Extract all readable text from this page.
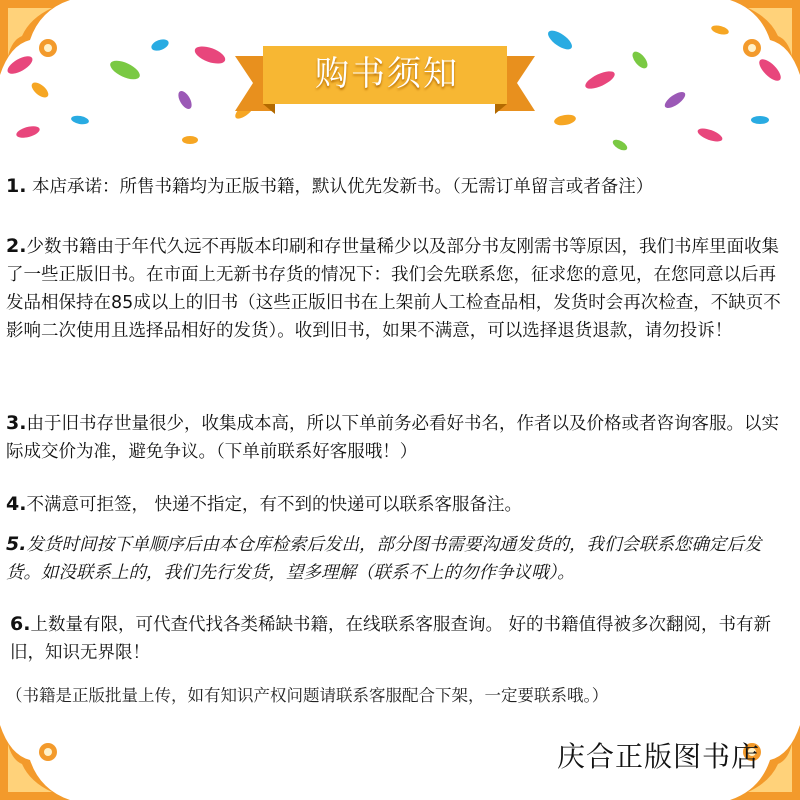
购书须知
1. 本店承诺：所售书籍均为正版书籍，默认优先发新书。（无需订单留言或者备注）
2.少数书籍由于年代久远不再版本印刷和存世量稀少以及部分书友刚需书等原因，我们书库里面收集了一些正版旧书。在市面上无新书存货的情况下：我们会先联系您，征求您的意见，在您同意以后再发品相保持在85成以上的旧书（这些正版旧书在上架前人工检查品相，发货时会再次检查，不缺页不影响二次使用且选择品相好的发货）。收到旧书，如果不满意，可以选择退货退款，请勿投诉！
3.由于旧书存世量很少，收集成本高，所以下单前务必看好书名，作者以及价格或者咨询客服。以实际成交价为准，避免争议。（下单前联系好客服哦！）
4.不满意可拒签， 快递不指定，有不到的快递可以联系客服备注。
5.发货时间按下单顺序后由本仓库检索后发出，部分图书需要沟通发货的，我们会联系您确定后发货。如没联系上的，我们先行发货，望多理解（联系不上的勿作争议哦）。
6.上数量有限，可代查代找各类稀缺书籍，在线联系客服查询。 好的书籍值得被多次翻阅，书有新旧，知识无界限！
（书籍是正版批量上传，如有知识产权问题请联系客服配合下架，一定要联系哦。）
庆合正版图书店
